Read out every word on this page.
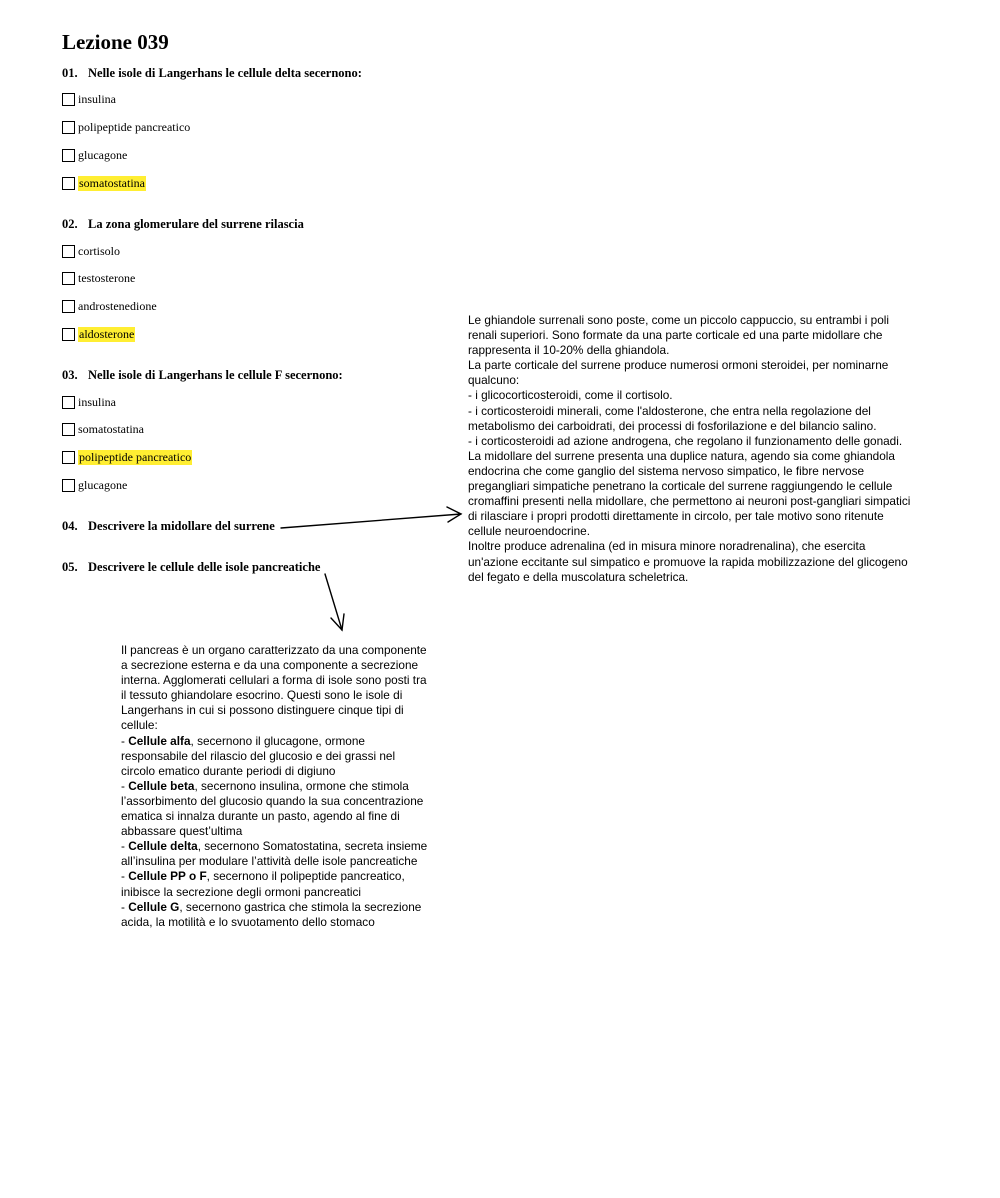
Lezione 039
01. Nelle isole di Langerhans le cellule delta secernono:
insulina
polipeptide pancreatico
glucagone
somatostatina
02. La zona glomerulare del surrene rilascia
cortisolo
testosterone
androstenedione
aldosterone
03. Nelle isole di Langerhans le cellule F secernono:
insulina
somatostatina
polipeptide pancreatico
glucagone
04. Descrivere la midollare del surrene
05. Descrivere le cellule delle isole pancreatiche

Le ghiandole surrenali sono poste, come un piccolo cappuccio, su entrambi i poli

renali superiori. Sono formate da una parte corticale ed una parte midollare che

rappresenta il 10-20% della ghiandola.

La parte corticale del surrene produce numerosi ormoni steroidei, per nominarne

qualcuno:

- i glicocorticosteroidi, come il cortisolo.

- i corticosteroidi minerali, come l'aldosterone, che entra nella regolazione del

metabolismo dei carboidrati, dei processi di fosforilazione e del bilancio salino.

- i corticosteroidi ad azione androgena, che regolano il funzionamento delle gonadi.

La midollare del surrene presenta una duplice natura, agendo sia come ghiandola

endocrina che come ganglio del sistema nervoso simpatico, le fibre nervose

pregangliari simpatiche penetrano la corticale del surrene raggiungendo le cellule

cromaffini presenti nella midollare, che permettono ai neuroni post-gangliari simpatici

di rilasciare i propri prodotti direttamente in circolo, per tale motivo sono ritenute

cellule neuroendocrine.

Inoltre produce adrenalina (ed in misura minore noradrenalina), che esercita

un'azione eccitante sul simpatico e promuove la rapida mobilizzazione del glicogeno

del fegato e della muscolatura scheletrica.

Il pancreas è un organo caratterizzato da una componente

a secrezione esterna e da una componente a secrezione

interna. Agglomerati cellulari a forma di isole sono posti tra

il tessuto ghiandolare esocrino. Questi sono le isole di

Langerhans in cui si possono distinguere cinque tipi di

cellule:

- Cellule alfa, secernono il glucagone, ormone

responsabile del rilascio del glucosio e dei grassi nel

circolo ematico durante periodi di digiuno

- Cellule beta, secernono insulina, ormone che stimola

l’assorbimento del glucosio quando la sua concentrazione

ematica si innalza durante un pasto, agendo al fine di

abbassare quest’ultima

- Cellule delta, secernono Somatostatina, secreta insieme

all’insulina per modulare l’attività delle isole pancreatiche

- Cellule PP o F, secernono il polipeptide pancreatico,

inibisce la secrezione degli ormoni pancreatici

- Cellule G, secernono gastrica che stimola la secrezione

acida, la motilità e lo svuotamento dello stomaco
